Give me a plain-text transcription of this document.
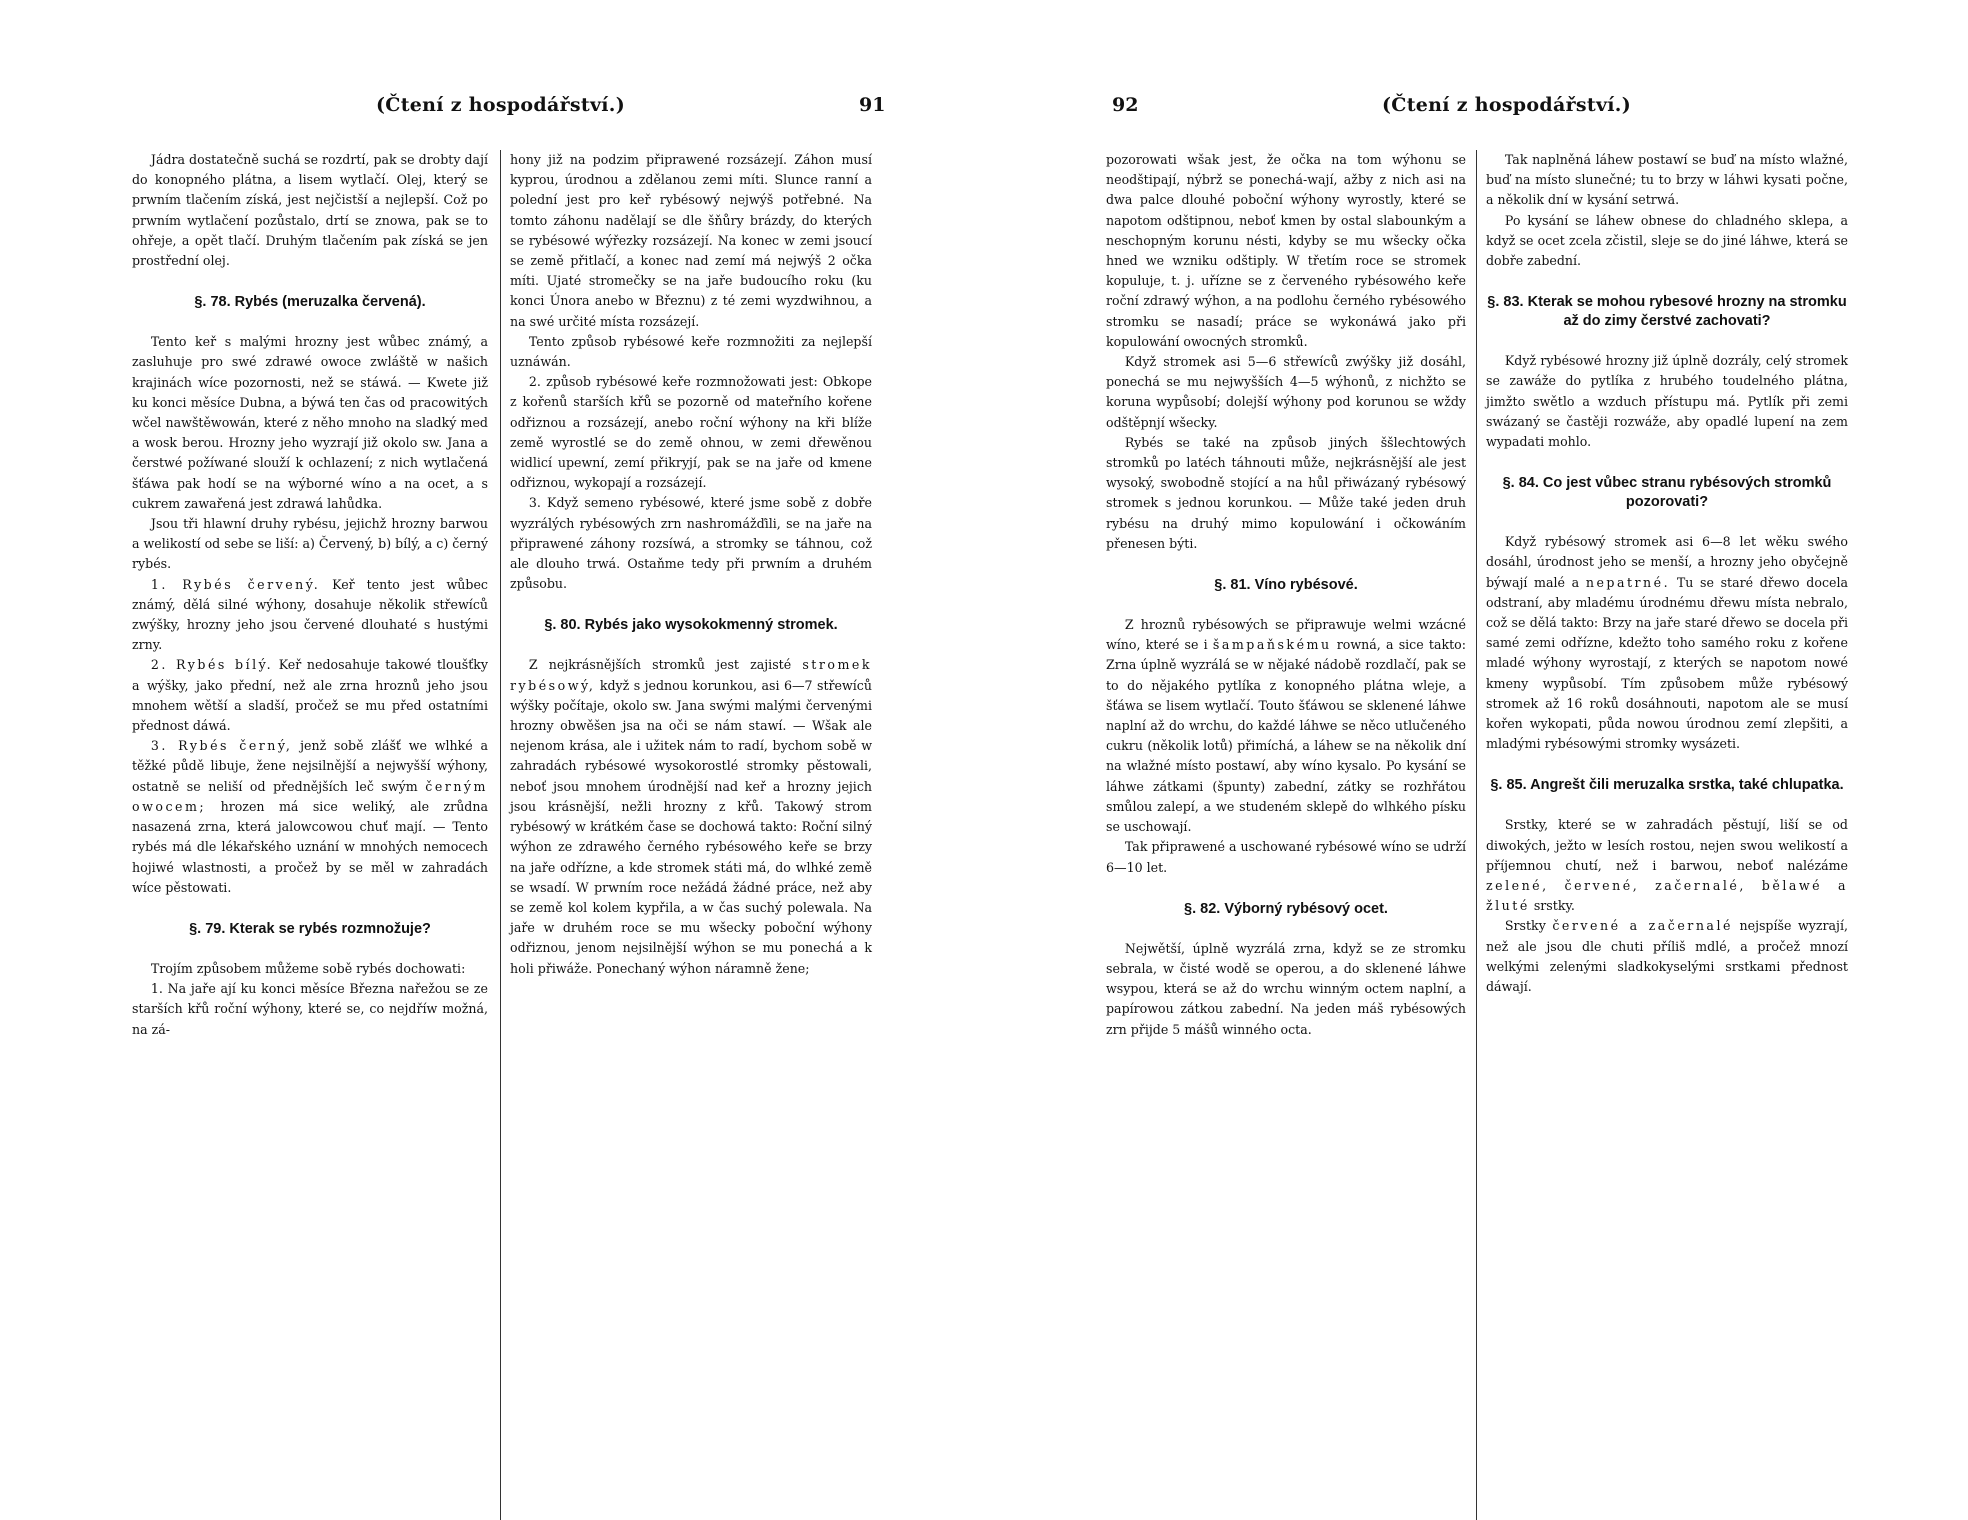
(Čtení z hospodářství.)	91

Jádra dostatečně suchá se rozdrtí, pak se drobty dají do konopného plátna, a lisem wytlačí. Olej, který se prwním tlačením získá, jest nejčistší a nejlepší. Což po prwním wytlačení pozůstalo, drtí se znowa, pak se to ohřeje, a opět tlačí. Druhým tlačením pak získá se jen prostřední olej.

§. 78. Rybés (meruzalka červená).

Tento keř s malými hrozny jest wůbec známý, a zasluhuje pro swé zdrawé owoce zwláště w našich krajinách wíce pozornosti, než se stáwá. — Kwete již ku konci měsíce Dubna, a býwá ten čas od pracowitých wčel nawštěwowán, které z něho mnoho na sladký med a wosk berou. Hrozny jeho wyzrají již okolo sw. Jana a čerstwé požíwané slouží k ochlazení; z nich wytlačená šťáwa pak hodí se na wýborné wíno a na ocet, a s cukrem zawařená jest zdrawá lahůdka.

Jsou tři hlawní druhy rybésu, jejichž hrozny barwou a welikostí od sebe se liší: a) Červený, b) bílý, a c) černý rybés.

1. Rybés červený. Keř tento jest wůbec známý, dělá silné wýhony, dosahuje několik střewíců zwýšky, hrozny jeho jsou červené dlouhaté s hustými zrny.

2. Rybés bílý. Keř nedosahuje takowé tloušťky a wýšky, jako přední, než ale zrna hroznů jeho jsou mnohem wětší a sladší, pročež se mu před ostatními přednost dáwá.

3. Rybés černý, jenž sobě zlášť we wlhké a těžké půdě libuje, žene nejsilnější a nejwyšší wýhony, ostatně se neliší od přednějších leč swým černým owocem; hrozen má sice weliký, ale zrůdna nasazená zrna, která jalowcowou chuť mají. — Tento rybés má dle lékařského uznání w mnohých nemocech hojiwé wlastnosti, a pročež by se měl w zahradách wíce pěstowati.

§. 79. Kterak se rybés rozmnožuje?

Trojím způsobem můžeme sobě rybés dochowati:

1. Na jaře ají ku konci měsíce Března nařežou se ze starších křů roční wýhony, které se, co nejdříw možná, na zá-

hony již na podzim připrawené rozsázejí. Záhon musí kyprou, úrodnou a zdělanou zemi míti. Slunce ranní a polední jest pro keř rybésowý nejwýš potřebné. Na tomto záhonu nadělají se dle šňůry brázdy, do kterých se rybésowé wýřezky rozsázejí. Na konec w zemi jsoucí se země přitlačí, a konec nad zemí má nejwýš 2 očka míti. Ujaté stromečky se na jaře budoucího roku (ku konci Února anebo w Březnu) z té zemi wyzdwihnou, a na swé určité místa rozsázejí.

Tento způsob rybésowé keře rozmnožiti za nejlepší uznáwán.

2. způsob rybésowé keře rozmnožowati jest: Obkope z kořenů starších křů se pozorně od mateřního kořene odřiznou a rozsázejí, anebo roční wýhony na kři blíže země wyrostlé se do země ohnou, w zemi dřewěnou widlicí upewní, zemí přikryjí, pak se na jaře od kmene odřiznou, wykopají a rozsázejí.

3. Když semeno rybésowé, které jsme sobě z dobře wyzrálých rybésowých zrn nashromážďili, se na jaře na připrawené záhony rozsíwá, a stromky se táhnou, což ale dlouho trwá. Ostaňme tedy při prwním a druhém způsobu.

§. 80. Rybés jako wysokokmenný stromek.

Z nejkrásnějších stromků jest zajisté stromek rybésowý, když s jednou korunkou, asi 6—7 střewíců wýšky počítaje, okolo sw. Jana swými malými červenými hrozny obwěšen jsa na oči se nám stawí. — Wšak ale nejenom krása, ale i užitek nám to radí, bychom sobě w zahradách rybésowé wysokorostlé stromky pěstowali, neboť jsou mnohem úrodnější nad keř a hrozny jejich jsou krásnější, nežli hrozny z křů. Takowý strom rybésowý w krátkém čase se dochowá takto: Roční silný wýhon ze zdrawého černého rybésowého keře se brzy na jaře odřízne, a kde stromek státi má, do wlhké země se wsadí. W prwním roce nežádá žádné práce, než aby se země kol kolem kypřila, a w čas suchý polewala. Na jaře w druhém roce se mu wšecky poboční wýhony odřiznou, jenom nejsilnější wýhon se mu ponechá a k holi přiwáže. Ponechaný wýhon náramně žene;

92	(Čtení z hospodářství.)

pozorowati wšak jest, že očka na tom wýhonu se neodštipají, nýbrž se ponechá-wají, ažby z nich asi na dwa palce dlouhé poboční wýhony wyrostly, které se napotom odštipnou, neboť kmen by ostal slabounkým a neschopným korunu nésti, kdyby se mu wšecky očka hned we wzniku odštiply. W třetím roce se stromek kopuluje, t. j. uřízne se z červeného rybésowého keře roční zdrawý wýhon, a na podlohu černého rybésowého stromku se nasadí; práce se wykonáwá jako při kopulowání owocných stromků.

Když stromek asi 5—6 střewíců zwýšky již dosáhl, ponechá se mu nejwyšších 4—5 wýhonů, z nichžto se koruna wypůsobí; dolejší wýhony pod korunou se wždy odštěpnjí wšecky.

Rybés se také na způsob jiných ššlechtowých stromků po latéch táhnouti může, nejkrásnější ale jest wysoký, swobodně stojící a na hůl přiwázaný rybésowý stromek s jednou korunkou. — Může také jeden druh rybésu na druhý mimo kopulowání i očkowáním přenesen býti.

§. 81. Víno rybésové.

Z hroznů rybésowých se připrawuje welmi wzácné wíno, které se i šampaňskému rowná, a sice takto: Zrna úplně wyzrálá se w nějaké nádobě rozdlačí, pak se to do nějakého pytlíka z konopného plátna wleje, a šťáwa se lisem wytlačí. Touto šťáwou se sklenené láhwe naplní až do wrchu, do každé láhwe se něco utlučeného cukru (několik lotů) přimíchá, a láhew se na několik dní na wlažné místo postawí, aby wíno kysalo. Po kysání se láhwe zátkami (špunty) zabední, zátky se rozhřátou smůlou zalepí, a we studeném sklepě do wlhkého písku se uschowají.

Tak připrawené a uschowané rybésowé wíno se udrží 6—10 let.

§. 82. Výborný rybésový ocet.

Nejwětší, úplně wyzrálá zrna, když se ze stromku sebrala, w čisté wodě se operou, a do sklenené láhwe wsypou, která se až do wrchu winným octem naplní, a papírowou zátkou zabední. Na jeden máš rybésowých zrn přijde 5 mášů winného octa.

Tak naplněná láhew postawí se buď na místo wlažné, buď na místo slunečné; tu to brzy w láhwi kysati počne, a několik dní w kysání setrwá.

Po kysání se láhew obnese do chladného sklepa, a když se ocet zcela zčistil, sleje se do jiné láhwe, která se dobře zabední.

§. 83. Kterak se mohou rybesové hrozny na stromku až do zimy čerstvé zachovati?

Když rybésowé hrozny již úplně dozrály, celý stromek se zawáže do pytlíka z hrubého toudelného plátna, jimžto swětlo a wzduch přístupu má. Pytlík při zemi swázaný se častěji rozwáže, aby opadlé lupení na zem wypadati mohlo.

§. 84. Co jest vůbec stranu rybésových stromků pozorovati?

Když rybésowý stromek asi 6—8 let wěku swého dosáhl, úrodnost jeho se menší, a hrozny jeho obyčejně býwají malé a nepatrné. Tu se staré dřewo docela odstraní, aby mladému úrodnému dřewu místa nebralo, což se dělá takto: Brzy na jaře staré dřewo se docela při samé zemi odřízne, kdežto toho samého roku z kořene mladé wýhony wyrostají, z kterých se napotom nowé kmeny wypůsobí. Tím způsobem může rybésowý stromek až 16 roků dosáhnouti, napotom ale se musí kořen wykopati, půda nowou úrodnou zemí zlepšiti, a mladými rybésowými stromky wysázeti.

§. 85. Angrešt čili meruzalka srstka, také chlupatka.

Srstky, které se w zahradách pěstují, liší se od diwokých, ježto w lesích rostou, nejen swou welikostí a příjemnou chutí, než i barwou, neboť nalézáme zelené, červené, začernalé, bělawé a žluté srstky.

Srstky červené a začernalé nejspíše wyzrají, než ale jsou dle chuti příliš mdlé, a pročež mnozí welkými zelenými sladkokyselými srstkami přednost dáwají.
